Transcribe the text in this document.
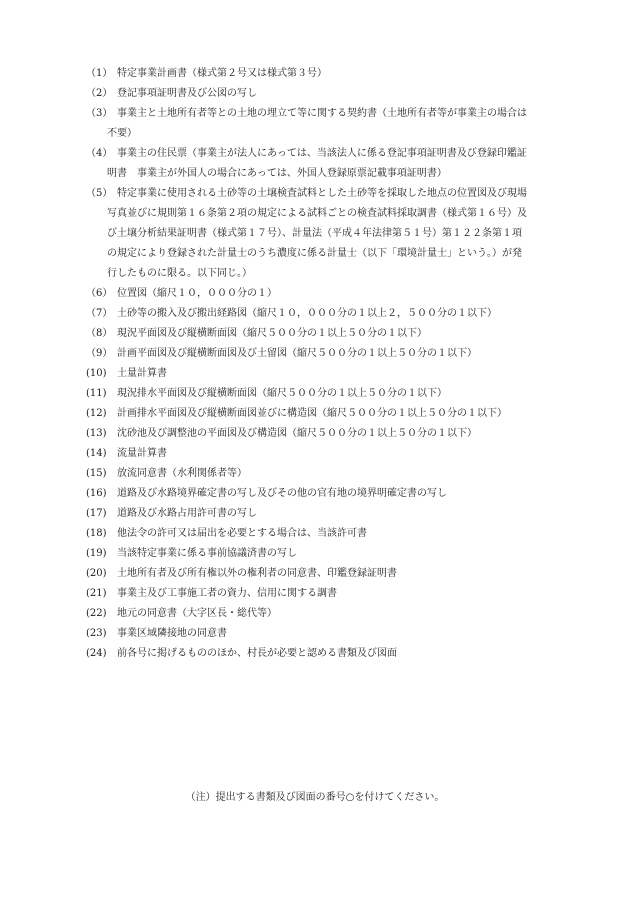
（1） 特定事業計画書（様式第２号又は様式第３号）
（2） 登記事項証明書及び公図の写し
（3） 事業主と土地所有者等との土地の埋立て等に関する契約書（土地所有者等が事業主の場合は
不要）
（4） 事業主の住民票（事業主が法人にあっては、当該法人に係る登記事項証明書及び登録印鑑証
明書　事業主が外国人の場合にあっては、外国人登録原票記載事項証明書）
（5） 特定事業に使用される土砂等の土壌検査試料とした土砂等を採取した地点の位置図及び現場
写真並びに規則第１６条第２項の規定による試料ごとの検査試料採取調書（様式第１６号）及
び土壌分析結果証明書（様式第１７号）、計量法（平成４年法律第５１号）第１２２条第１項
の規定により登録された計量士のうち濃度に係る計量士（以下「環境計量士」という。）が発
行したものに限る。以下同じ。）
（6） 位置図（縮尺１０，０００分の１）
（7） 土砂等の搬入及び搬出経路図（縮尺１０，０００分の１以上２，５００分の１以下）
（8） 現況平面図及び縦横断面図（縮尺５００分の１以上５０分の１以下）
（9） 計画平面図及び縦横断面図及び土留図（縮尺５００分の１以上５０分の１以下）
(10) 土量計算書
(11) 現況排水平面図及び縦横断面図（縮尺５００分の１以上５０分の１以下）
(12) 計画排水平面図及び縦横断面図並びに構造図（縮尺５００分の１以上５０分の１以下）
(13) 沈砂池及び調整池の平面図及び構造図（縮尺５００分の１以上５０分の１以下）
(14) 流量計算書
(15) 放流同意書（水利関係者等）
(16) 道路及び水路境界確定書の写し及びその他の官有地の境界明確定書の写し
(17) 道路及び水路占用許可書の写し
(18) 他法令の許可又は届出を必要とする場合は、当該許可書
(19) 当該特定事業に係る事前協議済書の写し
(20) 土地所有者及び所有権以外の権利者の同意書、印鑑登録証明書
(21) 事業主及び工事施工者の資力、信用に関する調書
(22) 地元の同意書（大字区長・総代等）
(23) 事業区域隣接地の同意書
(24) 前各号に掲げるもののほか、村長が必要と認める書類及び図面
（注）提出する書類及び図面の番号○を付けてください。
